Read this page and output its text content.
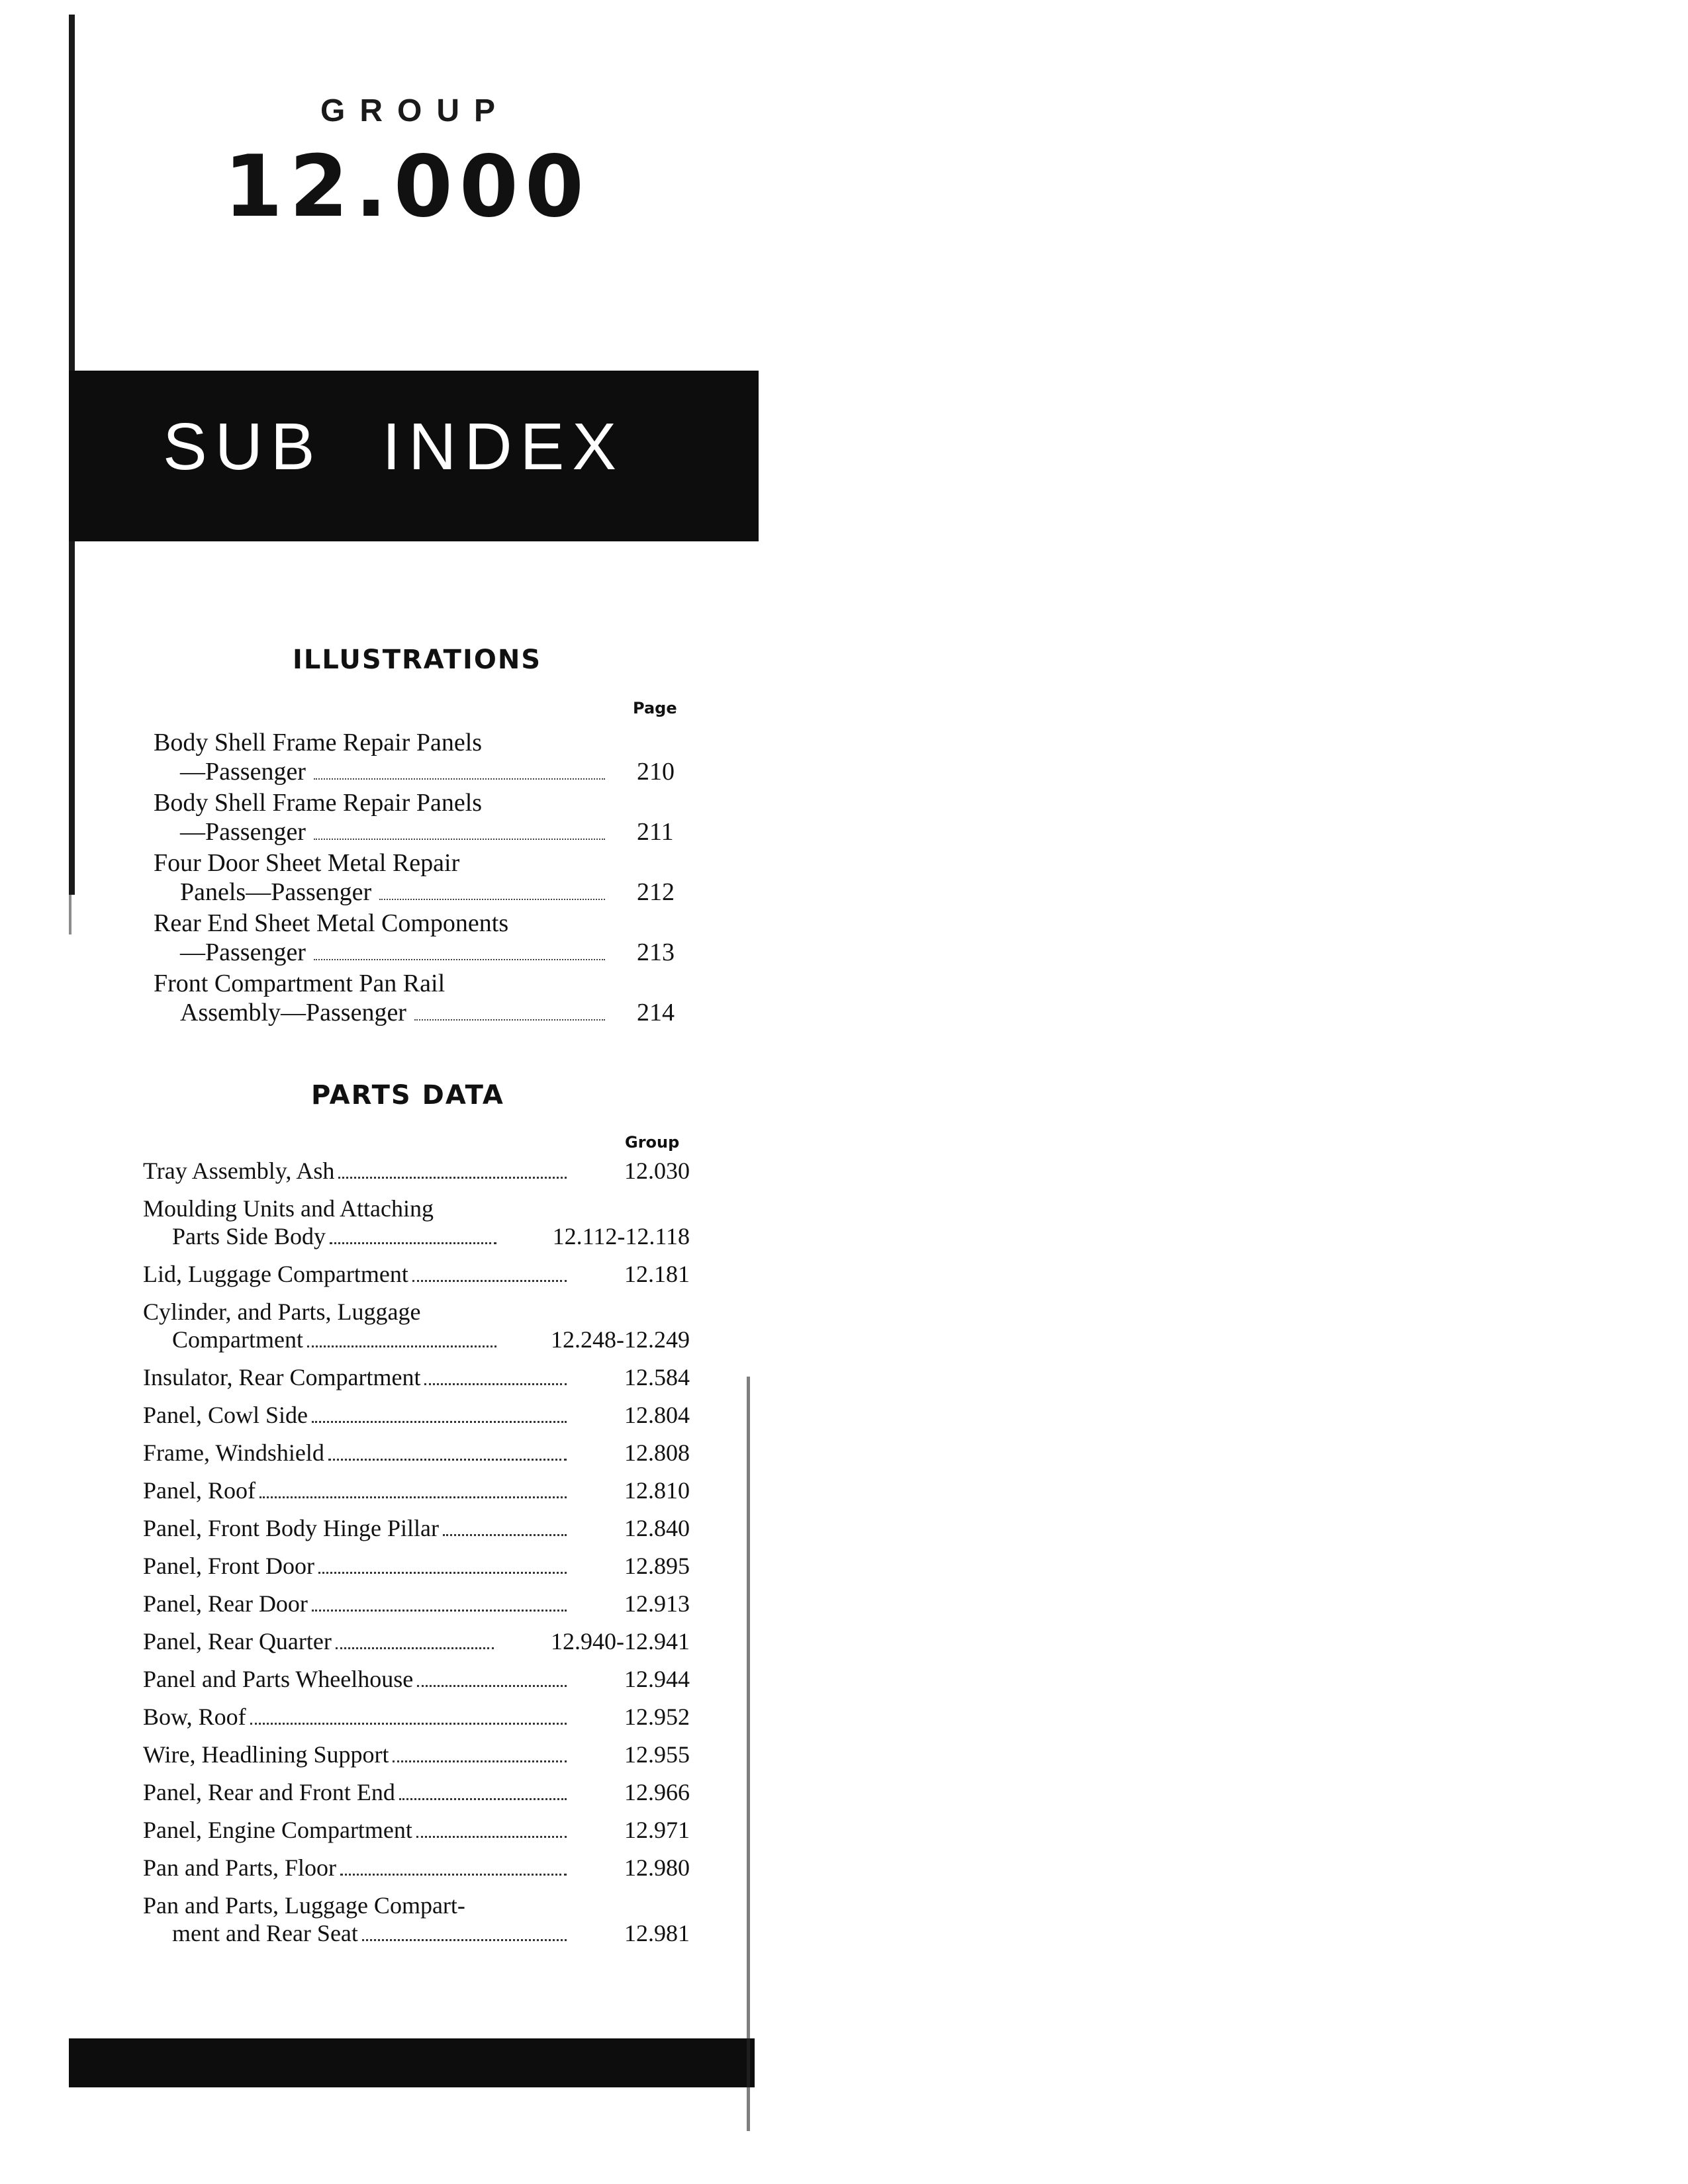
GROUP
12.000
SUB INDEX
ILLUSTRATIONS
Page
Body Shell Frame Repair Panels
—Passenger	210
Body Shell Frame Repair Panels
—Passenger	211
Four Door Sheet Metal Repair
Panels—Passenger	212
Rear End Sheet Metal Components
—Passenger	213
Front Compartment Pan Rail
Assembly—Passenger	214
PARTS DATA
Group
Tray Assembly, Ash	12.030
Moulding Units and Attaching
Parts Side Body	12.112-12.118
Lid, Luggage Compartment	12.181
Cylinder, and Parts, Luggage
Compartment	12.248-12.249
Insulator, Rear Compartment	12.584
Panel, Cowl Side	12.804
Frame, Windshield	12.808
Panel, Roof	12.810
Panel, Front Body Hinge Pillar	12.840
Panel, Front Door	12.895
Panel, Rear Door	12.913
Panel, Rear Quarter	12.940-12.941
Panel and Parts Wheelhouse	12.944
Bow, Roof	12.952
Wire, Headlining Support	12.955
Panel, Rear and Front End	12.966
Panel, Engine Compartment	12.971
Pan and Parts, Floor	12.980
Pan and Parts, Luggage Compart-
ment and Rear Seat	12.981
